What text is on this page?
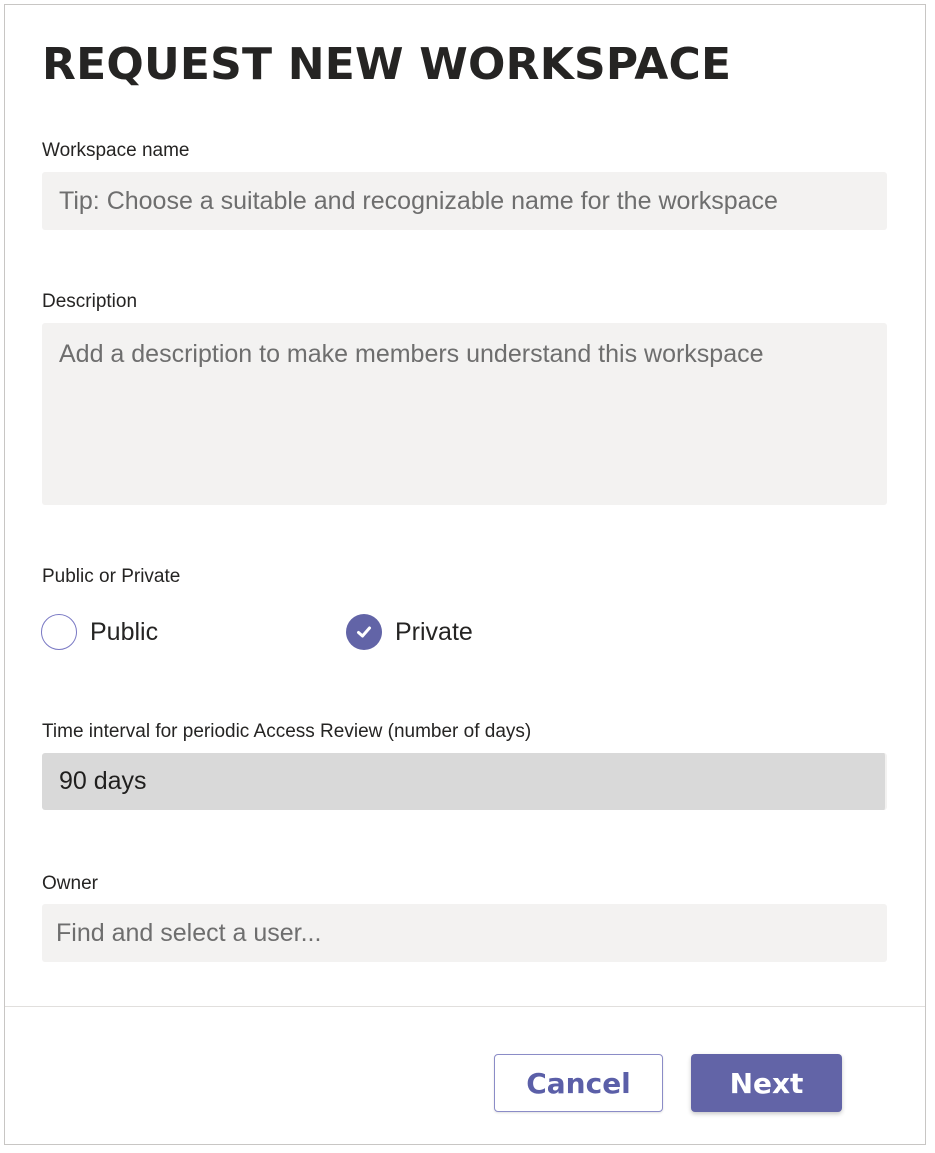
REQUEST NEW WORKSPACE
Workspace name
Tip: Choose a suitable and recognizable name for the workspace
Description
Add a description to make members understand this workspace
Public or Private
Public	Private
Time interval for periodic Access Review (number of days)
90 days
Owner
Find and select a user...
Cancel	Next
